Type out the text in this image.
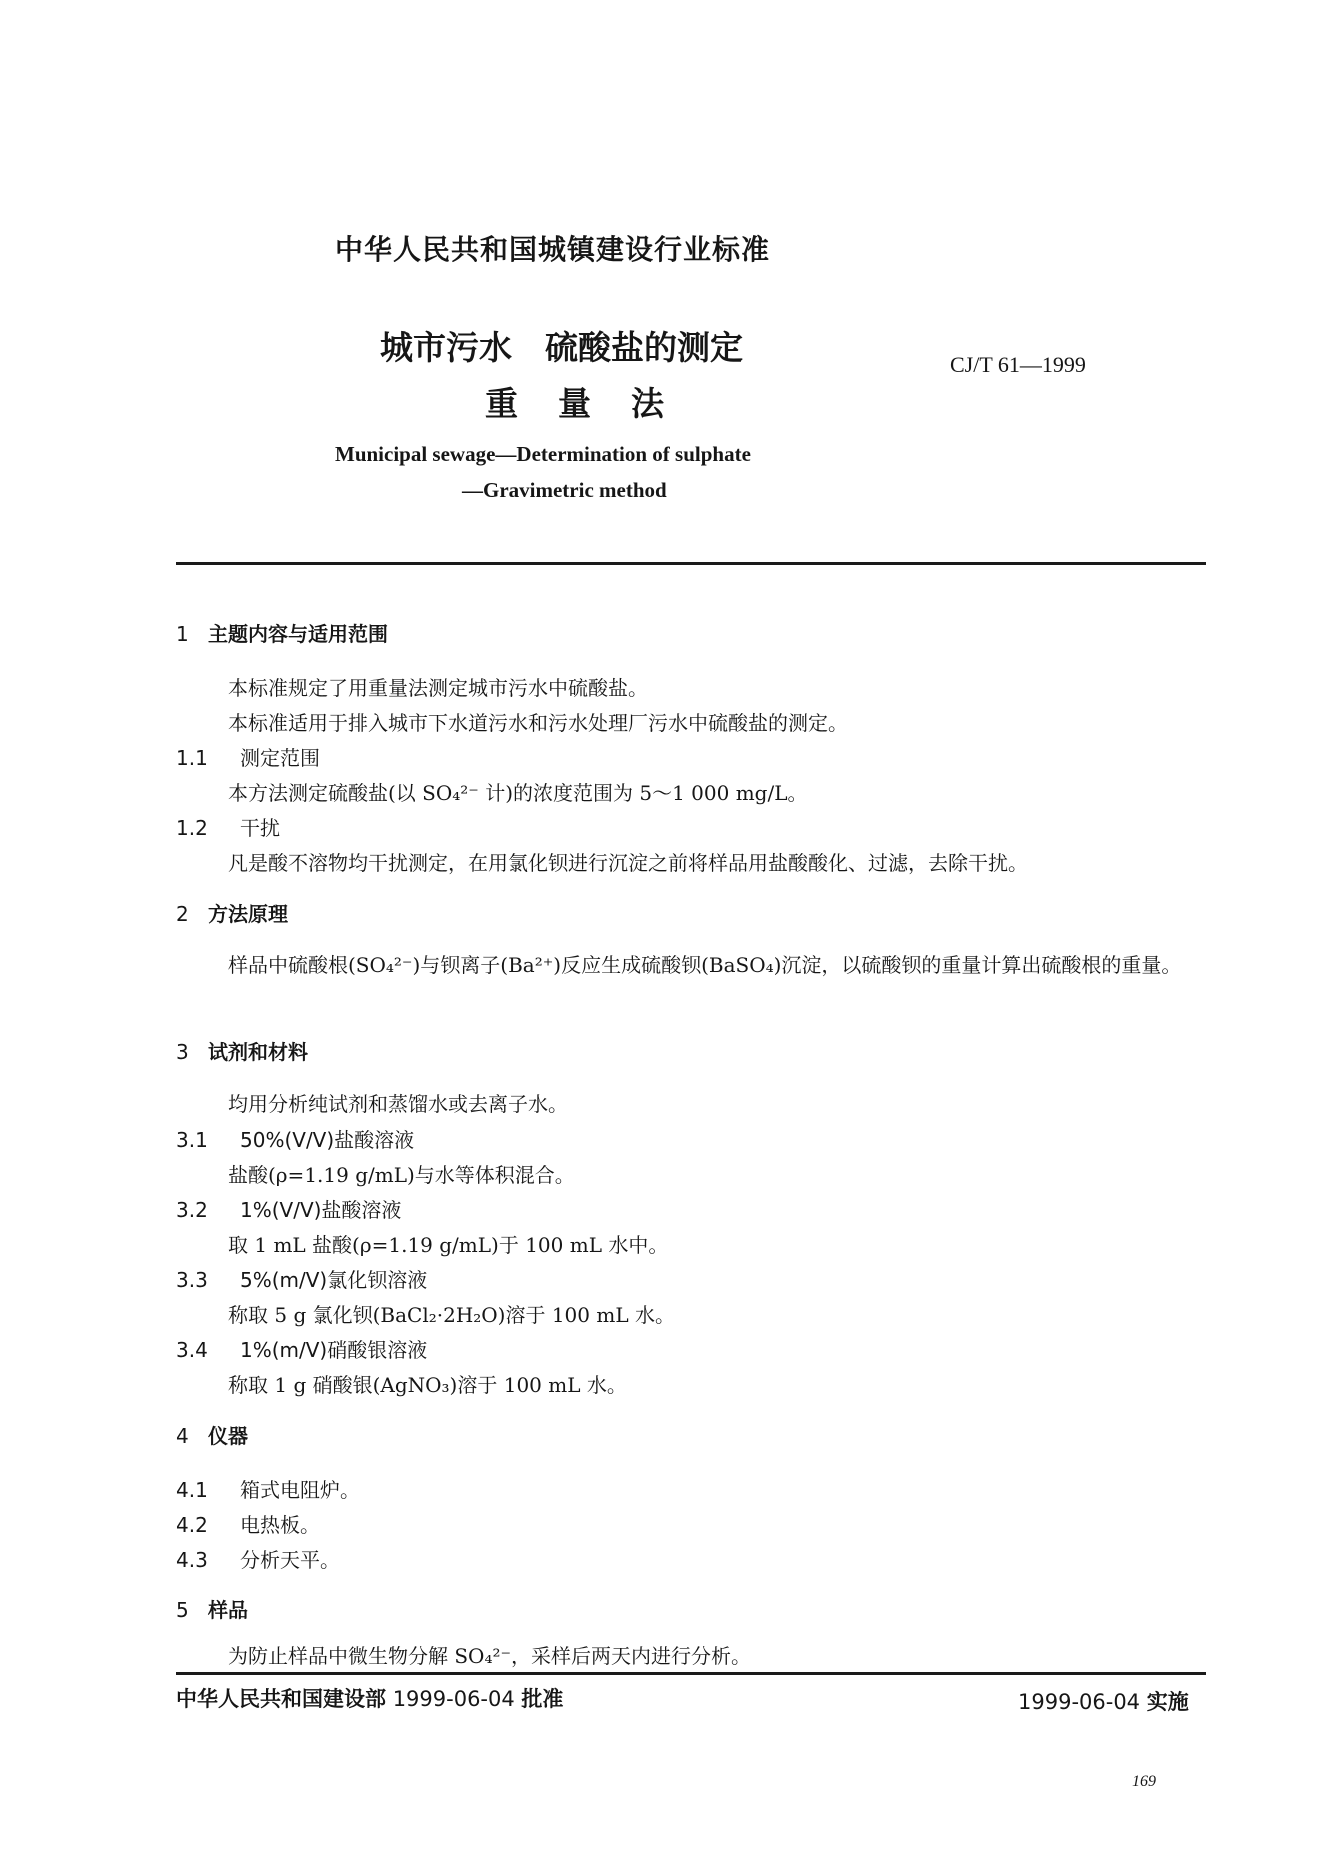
中华人民共和国城镇建设行业标准
城市污水　硫酸盐的测定
重量法
CJ/T 61—1999
Municipal sewage—Determination of sulphate
—Gravimetric method
1 主题内容与适用范围
本标准规定了用重量法测定城市污水中硫酸盐。
本标准适用于排入城市下水道污水和污水处理厂污水中硫酸盐的测定。
1.1 测定范围
本方法测定硫酸盐(以 SO₄²⁻ 计)的浓度范围为 5～1 000 mg/L。
1.2 干扰
凡是酸不溶物均干扰测定，在用氯化钡进行沉淀之前将样品用盐酸酸化、过滤，去除干扰。
2 方法原理
样品中硫酸根(SO₄²⁻)与钡离子(Ba²⁺)反应生成硫酸钡(BaSO₄)沉淀，以硫酸钡的重量计算出硫酸根的重量。
3 试剂和材料
均用分析纯试剂和蒸馏水或去离子水。
3.1 50%(V/V)盐酸溶液
盐酸(ρ=1.19 g/mL)与水等体积混合。
3.2 1%(V/V)盐酸溶液
取 1 mL 盐酸(ρ=1.19 g/mL)于 100 mL 水中。
3.3 5%(m/V)氯化钡溶液
称取 5 g 氯化钡(BaCl₂·2H₂O)溶于 100 mL 水。
3.4 1%(m/V)硝酸银溶液
称取 1 g 硝酸银(AgNO₃)溶于 100 mL 水。
4 仪器
4.1 箱式电阻炉。
4.2 电热板。
4.3 分析天平。
5 样品
为防止样品中微生物分解 SO₄²⁻，采样后两天内进行分析。
中华人民共和国建设部 1999-06-04 批准	1999-06-04 实施
169
